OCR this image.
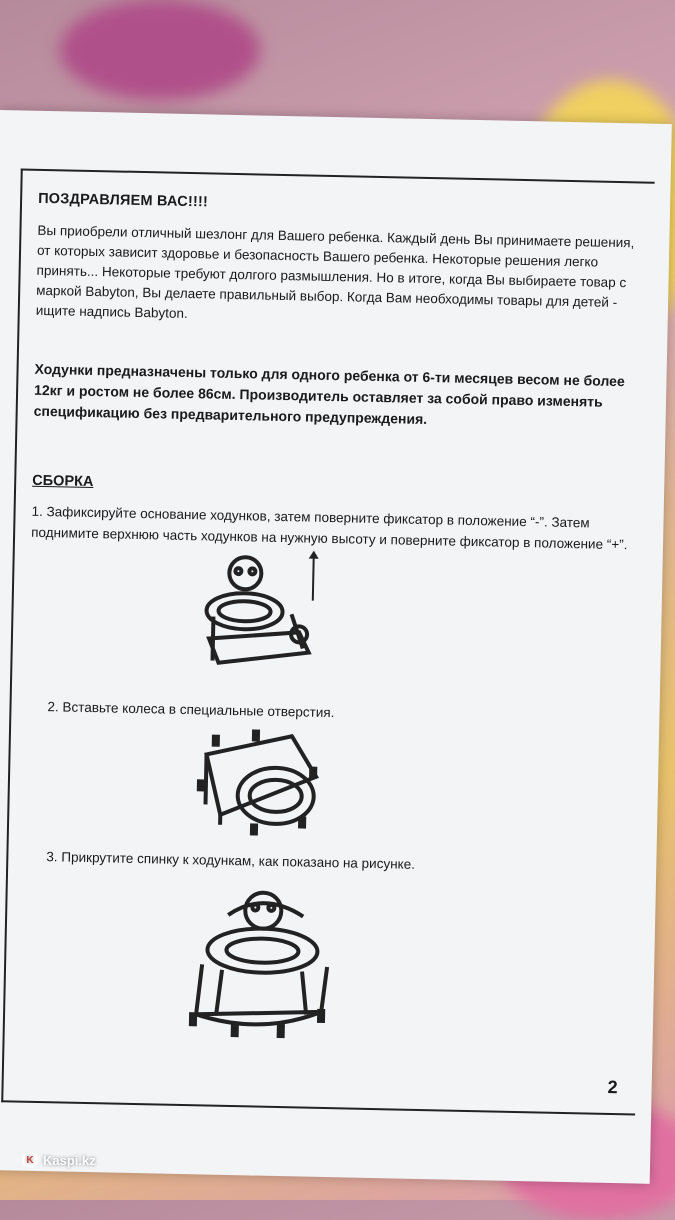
ПОЗДРАВЛЯЕМ ВАС!!!!
Вы приобрели отличный шезлонг для Вашего ребенка. Каждый день Вы принимаете решения, от которых зависит здоровье и безопасность Вашего ребенка. Некоторые решения легко принять... Некоторые требуют долгого размышления. Но в итоге, когда Вы выбираете товар с маркой Babyton, Вы делаете правильный выбор. Когда Вам необходимы товары для детей - ищите надпись Babyton.
Ходунки предназначены только для одного ребенка от 6-ти месяцев весом не более 12кг и ростом не более 86см. Производитель оставляет за собой право изменять спецификацию без предварительного предупреждения.
СБОРКА
1. Зафиксируйте основание ходунков, затем поверните фиксатор в положение “-”. Затем поднимите верхнюю часть ходунков на нужную высоту и поверните фиксатор в положение “+”.
2. Вставьте колеса в специальные отверстия.
3. Прикрутите спинку к ходункам, как показано на рисунке.
2
K Kaspi.kz
